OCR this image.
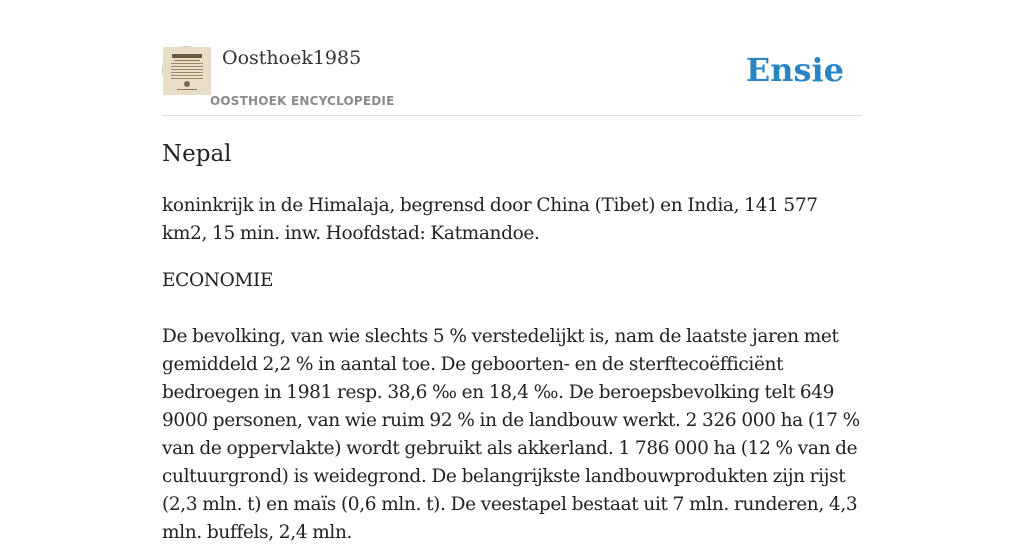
Oosthoek1985
OOSTHOEK ENCYCLOPEDIE
Ensie
Nepal

koninkrijk in de Himalaja, begrensd door China (Tibet) en India, 141 577 km2, 15 min. inw. Hoofdstad: Katmandoe.

ECONOMIE

De bevolking, van wie slechts 5 % verstedelijkt is, nam de laatste jaren met gemiddeld 2,2 % in aantal toe. De geboorten- en de sterftecoëfficiënt bedroegen in 1981 resp. 38,6 ‰ en 18,4 ‰. De beroepsbevolking telt 649 9000 personen, van wie ruim 92 % in de landbouw werkt. 2 326 000 ha (17 % van de oppervlakte) wordt gebruikt als akkerland. 1 786 000 ha (12 % van de cultuurgrond) is weidegrond. De belangrijkste landbouwprodukten zijn rijst (2,3 mln. t) en maïs (0,6 mln. t). De veestapel bestaat uit 7 mln. runderen, 4,3 mln. buffels, 2,4 mln.
